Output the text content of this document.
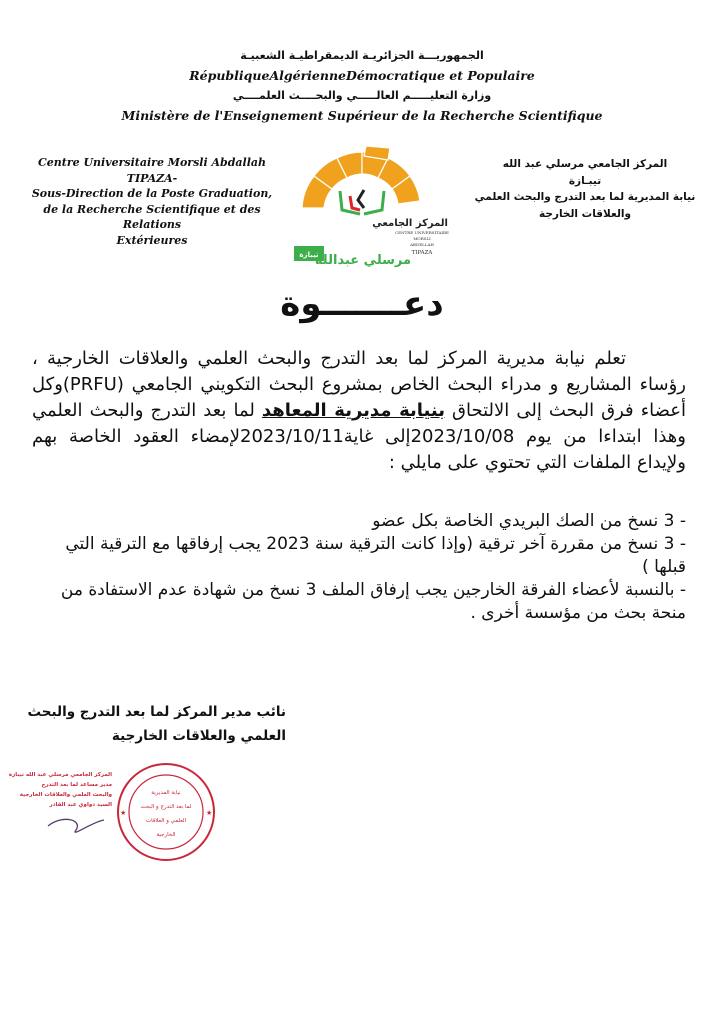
الجمهوريـــة الجزائريـة الديمقراطيـة الشعبيـة
RépubliqueAlgérienneDémocratique et Populaire
وزارة التعليـــــم العالـــــي والبحــــث العلمــــي
Ministère de l'Enseignement Supérieur de la Recherche Scientifique
Centre Universitaire Morsli Abdallah
TIPAZA-
Sous-Direction de la Poste Graduation,
de la Recherche Scientifique et des Relations
Extérieures
المركز الجامعي
CENTRE UNIVERSITAIRE
MORSLI
ABDELLAH
TIPAZA
تيبازة
مرسلي عبدالله
المركز الجامعي مرسلي عبد الله
تيبـازة
نيابة المديرية لما بعد التدرج والبحث العلمي
والعلاقات الخارجة
دعـــــــوة
تعلم نيابة مديرية المركز لما بعد التدرج والبحث العلمي والعلاقات الخارجية ، رؤساء المشاريع و مدراء البحث الخاص بمشروع البحث التكويني الجامعي (PRFU)وكل أعضاء فرق البحث إلى الالتحاق بنيابة مديرية المعاهد لما بعد التدرج والبحث العلمي وهذا ابتداءا من يوم 2023/10/08إلى غاية2023/10/11لإمضاء العقود الخاصة بهم ولإيداع الملفات التي تحتوي على مايلي :
- 3 نسخ من الصك البريدي الخاصة بكل عضو
- 3 نسخ من مقررة آخر ترقية (وإذا كانت الترقية سنة 2023 يجب إرفاقها مع الترقية التي قبلها )
- بالنسبة لأعضاء الفرقة الخارجين يجب إرفاق الملف 3 نسخ من شهادة عدم الاستفادة من منحة بحث من مؤسسة أخرى .
نائب مدير المركز لما بعد التدرج والبحث
العلمي والعلاقات الخارجية
المركز الجامعي مرسلي عبد الله تيبازة
مدير مساعد لما بعد التدرج
والبحث العلمي والعلاقات الخارجية
السيد دواوي عبد القادر
نيابة المديرية
لما بعد التدرج و البحث
العلمي و العلاقات
الخارجية
★	★
